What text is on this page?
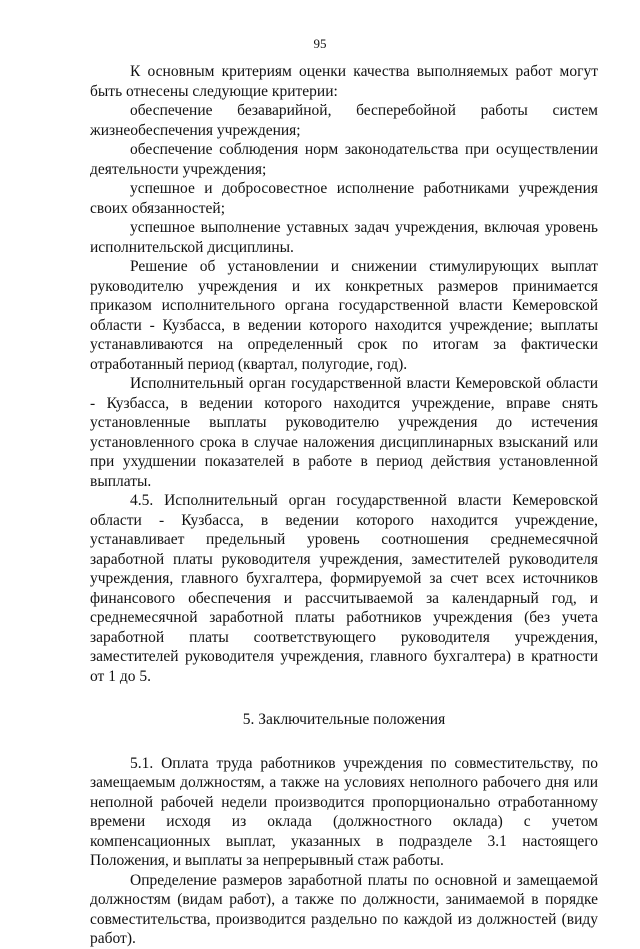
95

К основным критериям оценки качества выполняемых работ могут быть отнесены следующие критерии:

обеспечение безаварийной, бесперебойной работы систем жизнеобеспечения учреждения;

обеспечение соблюдения норм законодательства при осуществлении деятельности учреждения;

успешное и добросовестное исполнение работниками учреждения своих обязанностей;

успешное выполнение уставных задач учреждения, включая уровень исполнительской дисциплины.

Решение об установлении и снижении стимулирующих выплат руководителю учреждения и их конкретных размеров принимается приказом исполнительного органа государственной власти Кемеровской области - Кузбасса, в ведении которого находится учреждение; выплаты устанавливаются на определенный срок по итогам за фактически отработанный период (квартал, полугодие, год).

Исполнительный орган государственной власти Кемеровской области - Кузбасса, в ведении которого находится учреждение, вправе снять установленные выплаты руководителю учреждения до истечения установленного срока в случае наложения дисциплинарных взысканий или при ухудшении показателей в работе в период действия установленной выплаты.

4.5. Исполнительный орган государственной власти Кемеровской области - Кузбасса, в ведении которого находится учреждение, устанавливает предельный уровень соотношения среднемесячной заработной платы руководителя учреждения, заместителей руководителя учреждения, главного бухгалтера, формируемой за счет всех источников финансового обеспечения и рассчитываемой за календарный год, и среднемесячной заработной платы работников учреждения (без учета заработной платы соответствующего руководителя учреждения, заместителей руководителя учреждения, главного бухгалтера) в кратности от 1 до 5.

5. Заключительные положения

5.1. Оплата труда работников учреждения по совместительству, по замещаемым должностям, а также на условиях неполного рабочего дня или неполной рабочей недели производится пропорционально отработанному времени исходя из оклада (должностного оклада) с учетом компенсационных выплат, указанных в подразделе 3.1 настоящего Положения, и выплаты за непрерывный стаж работы.

Определение размеров заработной платы по основной и замещаемой должностям (видам работ), а также по должности, занимаемой в порядке совместительства, производится раздельно по каждой из должностей (виду работ).
